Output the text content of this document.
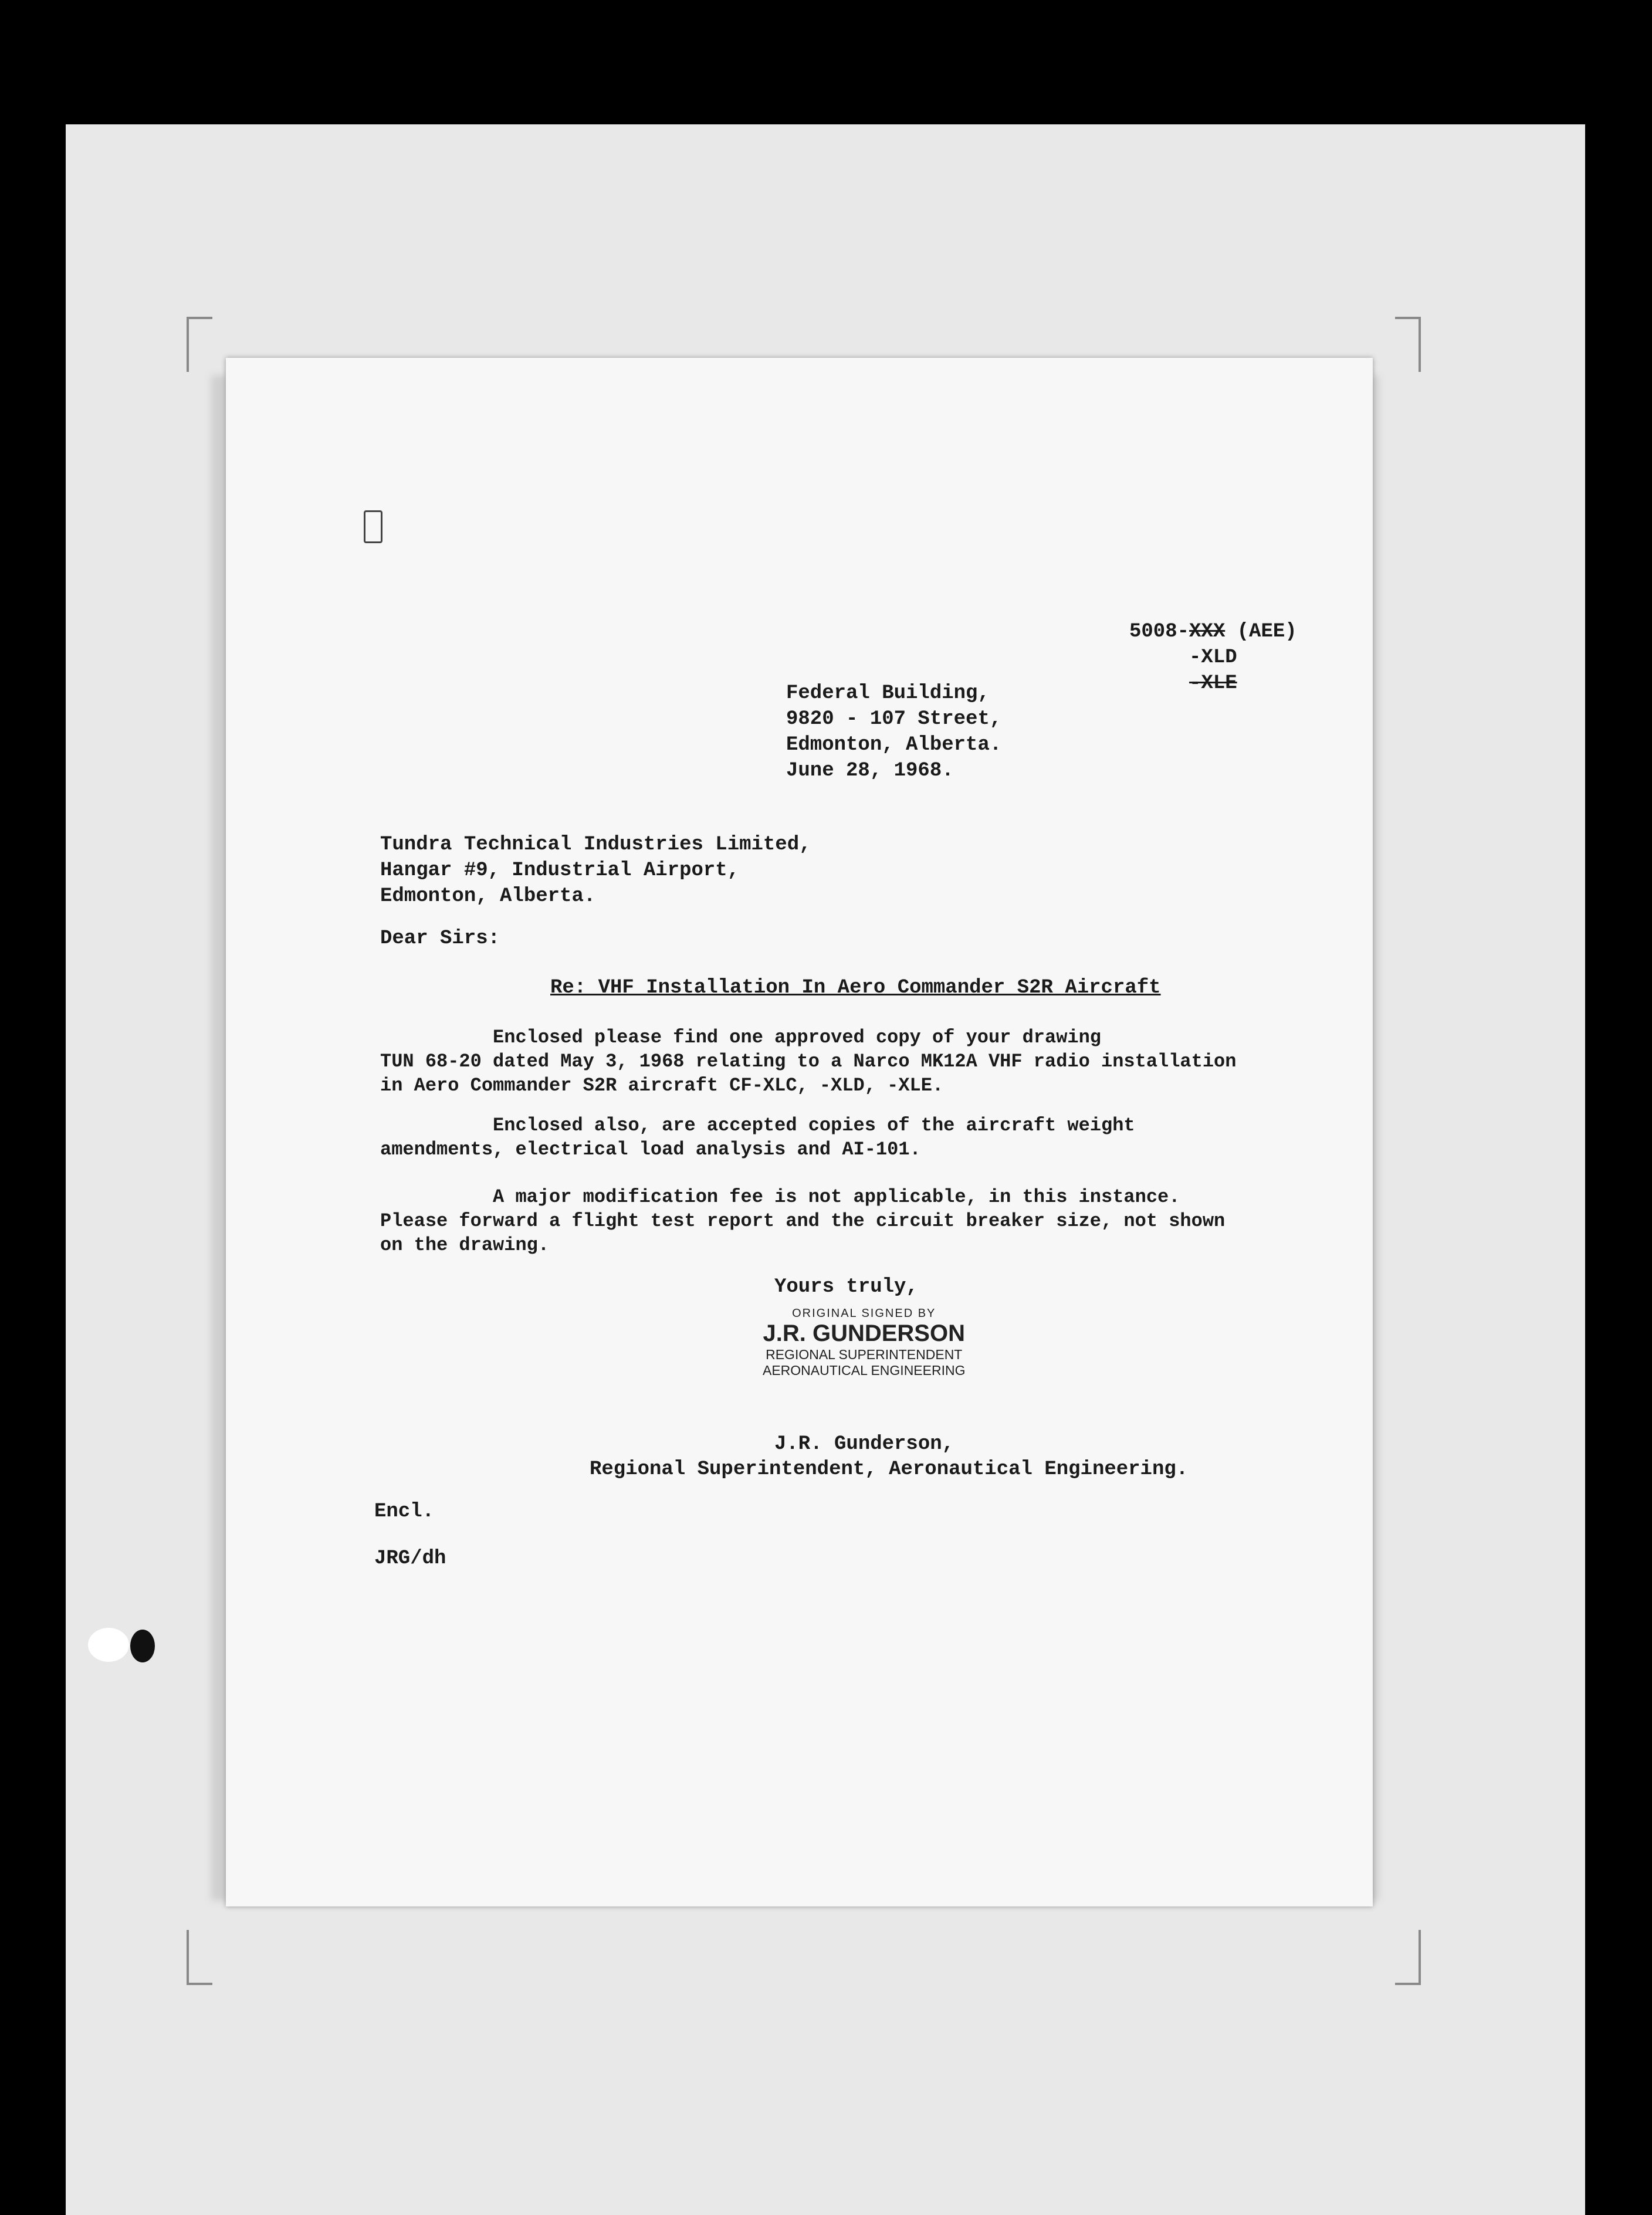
5008-XXX (AEE)
-XLD
-XLE
Federal Building,
9820 - 107 Street,
Edmonton, Alberta.
June 28, 1968.
Tundra Technical Industries Limited,
Hangar #9, Industrial Airport,
Edmonton, Alberta.
Dear Sirs:
Re: VHF Installation In Aero Commander S2R Aircraft
Enclosed please find one approved copy of your drawing
TUN 68-20 dated May 3, 1968 relating to a Narco MK12A VHF radio installation
in Aero Commander S2R aircraft CF-XLC, -XLD, -XLE.
Enclosed also, are accepted copies of the aircraft weight
amendments, electrical load analysis and AI-101.
A major modification fee is not applicable, in this instance.
Please forward a flight test report and the circuit breaker size, not shown
on the drawing.
Yours truly,
ORIGINAL SIGNED BY
J.R. GUNDERSON
REGIONAL SUPERINTENDENT
AERONAUTICAL ENGINEERING
J.R. Gunderson,
Regional Superintendent, Aeronautical Engineering.
Encl.
JRG/dh
